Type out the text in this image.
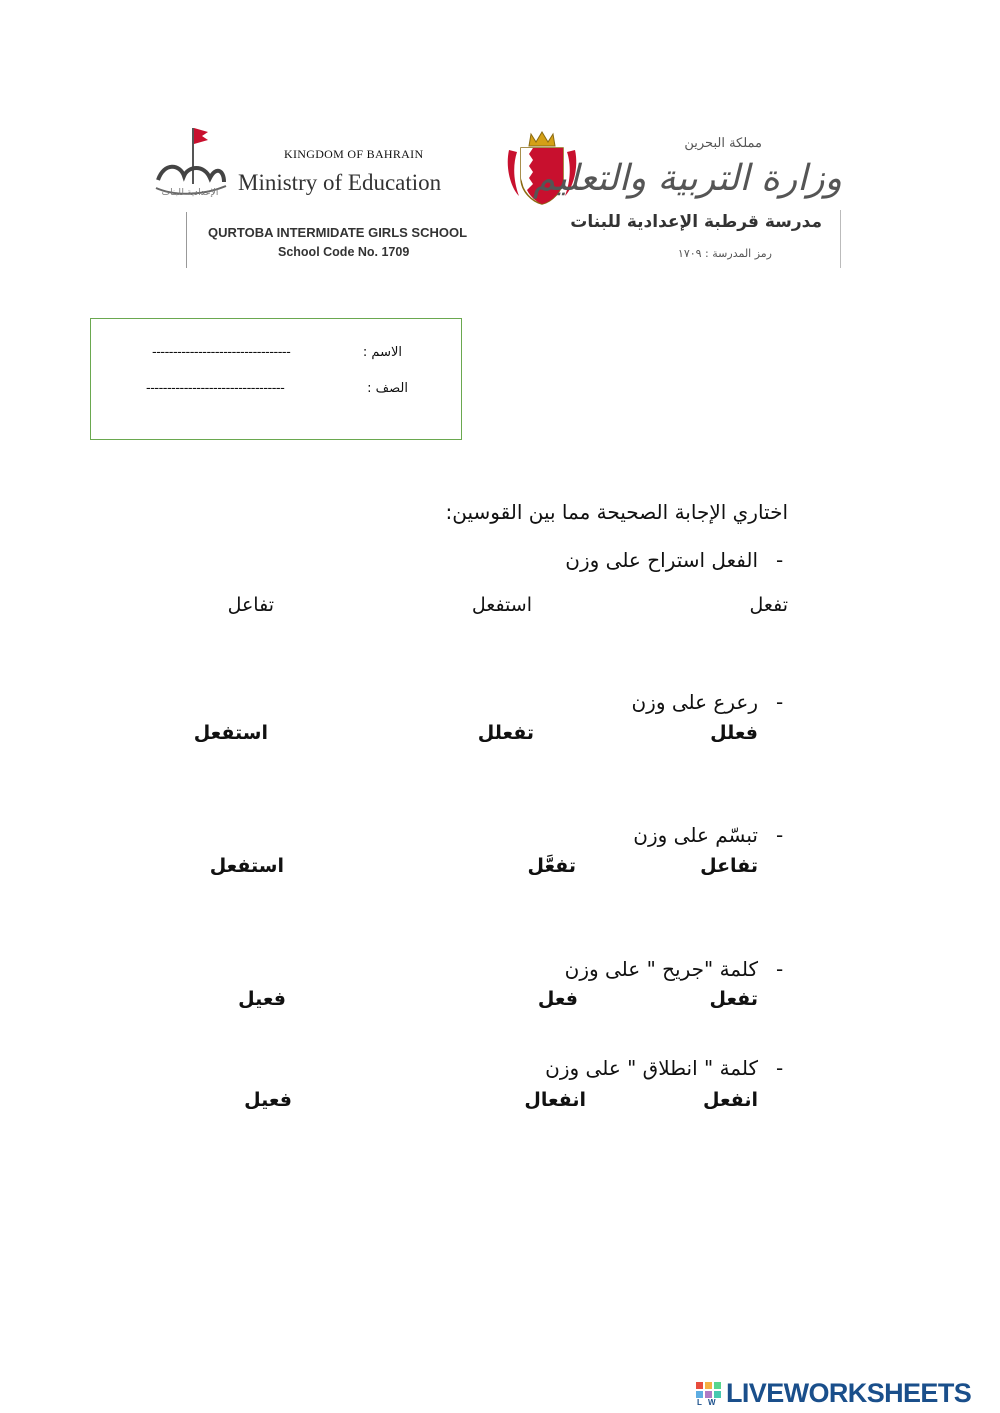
الإعدادية للبنات
KINGDOM OF BAHRAIN
Ministry of Education
مملكة البحرين
وزارة التربية والتعليم
QURTOBA INTERMIDATE GIRLS SCHOOL
School Code No. 1709
مدرسة قرطبة الإعدادية للبنات
رمز المدرسة : ١٧٠٩
الاسم :
---------------------------------
الصف :
---------------------------------
اختاري الإجابة الصحيحة مما بين القوسين:
-
الفعل استراح على وزن
تفعل
استفعل
تفاعل
-
رعرع على وزن
فعلل
تفعلل
استفعل
-
تبسّم على وزن
تفاعل
تفعَّل
استفعل
-
كلمة "جريح " على وزن
تفعل
فعل
فعيل
-
كلمة " انطلاق " على وزن
انفعل
انفعال
فعيل
L W LIVEWORKSHEETS
